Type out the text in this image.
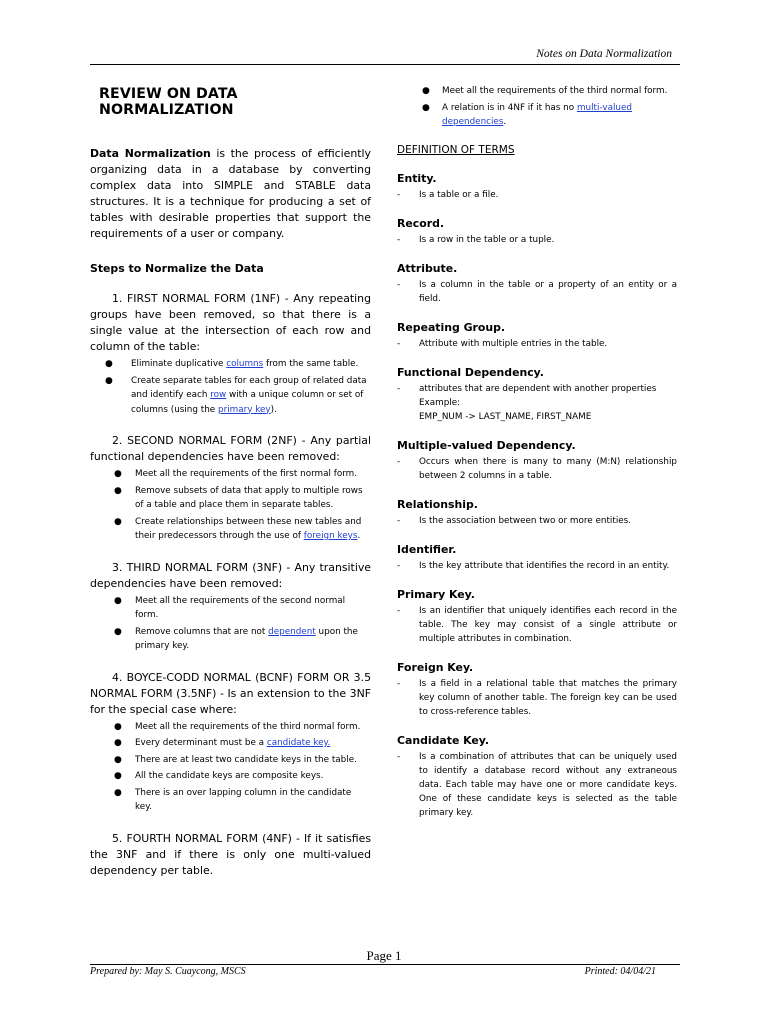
Notes on Data Normalization
REVIEW ON DATA NORMALIZATION

Data Normalization is the process of efficiently organizing data in a database by converting complex data into SIMPLE and STABLE data structures. It is a technique for producing a set of tables with desirable properties that support the requirements of a user or company.

Steps to Normalize the Data

1. FIRST NORMAL FORM (1NF) - Any repeating groups have been removed, so that there is a single value at the intersection of each row and column of the table:

● Eliminate duplicative columns from the same table.
● Create separate tables for each group of related data and identify each row with a unique column or set of columns (using the primary key).

2. SECOND NORMAL FORM (2NF) - Any partial functional dependencies have been removed:

● Meet all the requirements of the first normal form.
● Remove subsets of data that apply to multiple rows of a table and place them in separate tables.
● Create relationships between these new tables and their predecessors through the use of foreign keys.

3. THIRD NORMAL FORM (3NF) - Any transitive dependencies have been removed:

● Meet all the requirements of the second normal form.
● Remove columns that are not dependent upon the primary key.

4. BOYCE-CODD NORMAL (BCNF) FORM OR 3.5 NORMAL FORM (3.5NF) - Is an extension to the 3NF for the special case where:

● Meet all the requirements of the third normal form.
● Every determinant must be a candidate key.
● There are at least two candidate keys in the table.
● All the candidate keys are composite keys.
● There is an over lapping column in the candidate key.

5. FOURTH NORMAL FORM (4NF) - If it satisfies the 3NF and if there is only one multi-valued dependency per table.

● Meet all the requirements of the third normal form.
● A relation is in 4NF if it has no multi-valued dependencies.
DEFINITION OF TERMS
Entity.
- Is a table or a file.
Record.
- Is a row in the table or a tuple.
Attribute.
- Is a column in the table or a property of an entity or a field.
Repeating Group.
- Attribute with multiple entries in the table.
Functional Dependency.
- attributes that are dependent with another properties
Example:
EMP_NUM -> LAST_NAME, FIRST_NAME
Multiple-valued Dependency.
- Occurs when there is many to many (M:N) relationship between 2 columns in a table.
Relationship.
- Is the association between two or more entities.
Identifier.
- Is the key attribute that identifies the record in an entity.
Primary Key.
- Is an identifier that uniquely identifies each record in the table. The key may consist of a single attribute or multiple attributes in combination.
Foreign Key.
- Is a field in a relational table that matches the primary key column of another table. The foreign key can be used to cross-reference tables.
Candidate Key.
- Is a combination of attributes that can be uniquely used to identify a database record without any extraneous data. Each table may have one or more candidate keys. One of these candidate keys is selected as the table primary key.
Page 1
Prepared by: May S. Cuaycong, MSCS	Printed: 04/04/21
